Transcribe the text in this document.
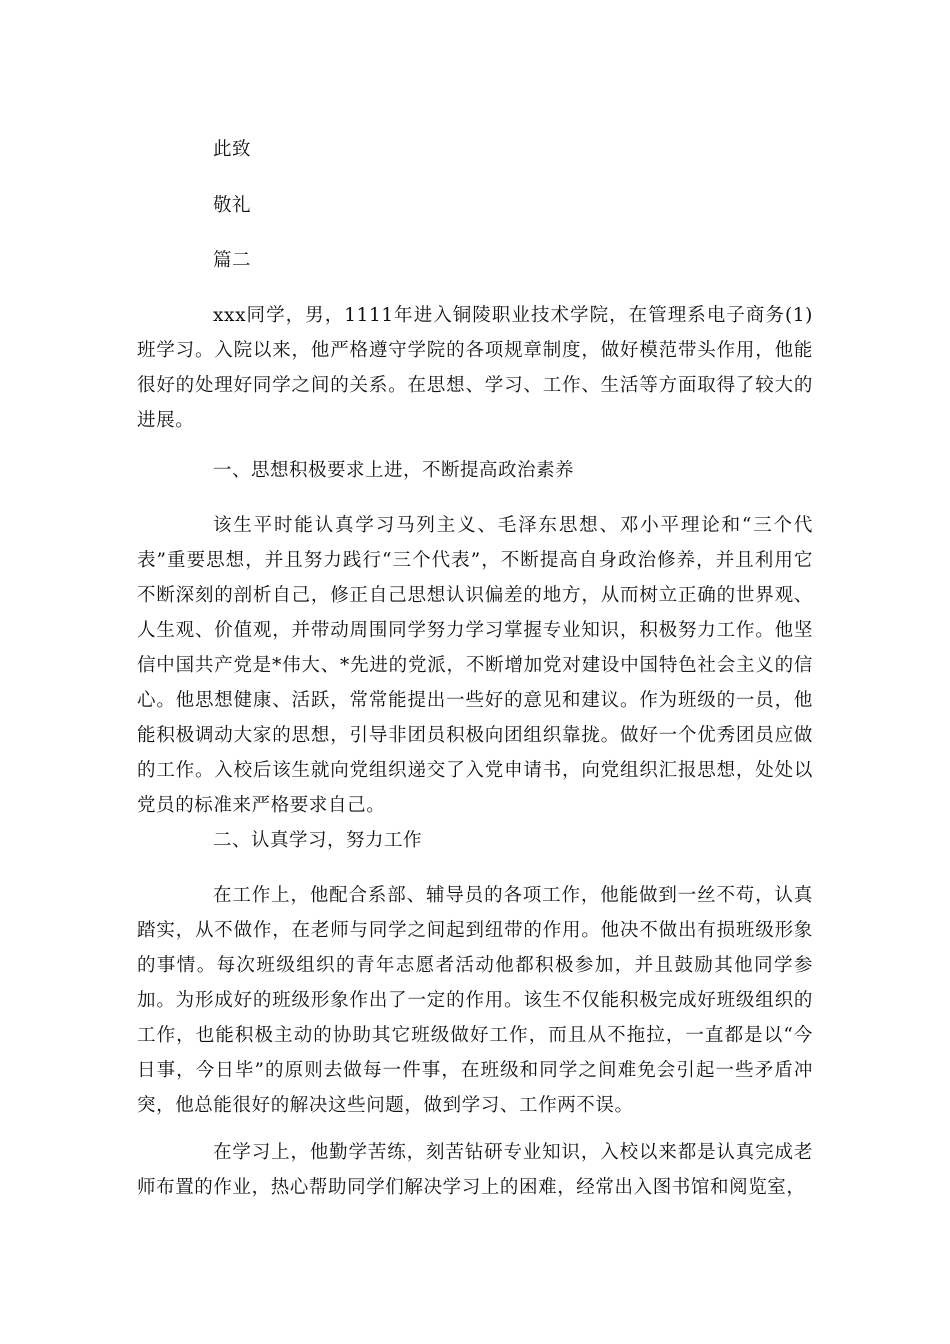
此致
敬礼
篇二
xxx同学，男，1111年进入铜陵职业技术学院，在管理系电子商务(1)班学习。入院以来，他严格遵守学院的各项规章制度，做好模范带头作用，他能很好的处理好同学之间的关系。在思想、学习、工作、生活等方面取得了较大的进展。
一、思想积极要求上进，不断提高政治素养
该生平时能认真学习马列主义、毛泽东思想、邓小平理论和“三个代表”重要思想，并且努力践行“三个代表”，不断提高自身政治修养，并且利用它不断深刻的剖析自己，修正自己思想认识偏差的地方，从而树立正确的世界观、人生观、价值观，并带动周围同学努力学习掌握专业知识，积极努力工作。他坚信中国共产党是*伟大、*先进的党派，不断增加党对建设中国特色社会主义的信心。他思想健康、活跃，常常能提出一些好的意见和建议。作为班级的一员，他能积极调动大家的思想，引导非团员积极向团组织靠拢。做好一个优秀团员应做的工作。入校后该生就向党组织递交了入党申请书，向党组织汇报思想，处处以党员的标准来严格要求自己。
二、认真学习，努力工作
在工作上，他配合系部、辅导员的各项工作，他能做到一丝不苟，认真踏实，从不做作，在老师与同学之间起到纽带的作用。他决不做出有损班级形象的事情。每次班级组织的青年志愿者活动他都积极参加，并且鼓励其他同学参加。为形成好的班级形象作出了一定的作用。该生不仅能积极完成好班级组织的工作，也能积极主动的协助其它班级做好工作，而且从不拖拉，一直都是以“今日事，今日毕”的原则去做每一件事，在班级和同学之间难免会引起一些矛盾冲突，他总能很好的解决这些问题，做到学习、工作两不误。
在学习上，他勤学苦练，刻苦钻研专业知识，入校以来都是认真完成老师布置的作业，热心帮助同学们解决学习上的困难，经常出入图书馆和阅览室，
